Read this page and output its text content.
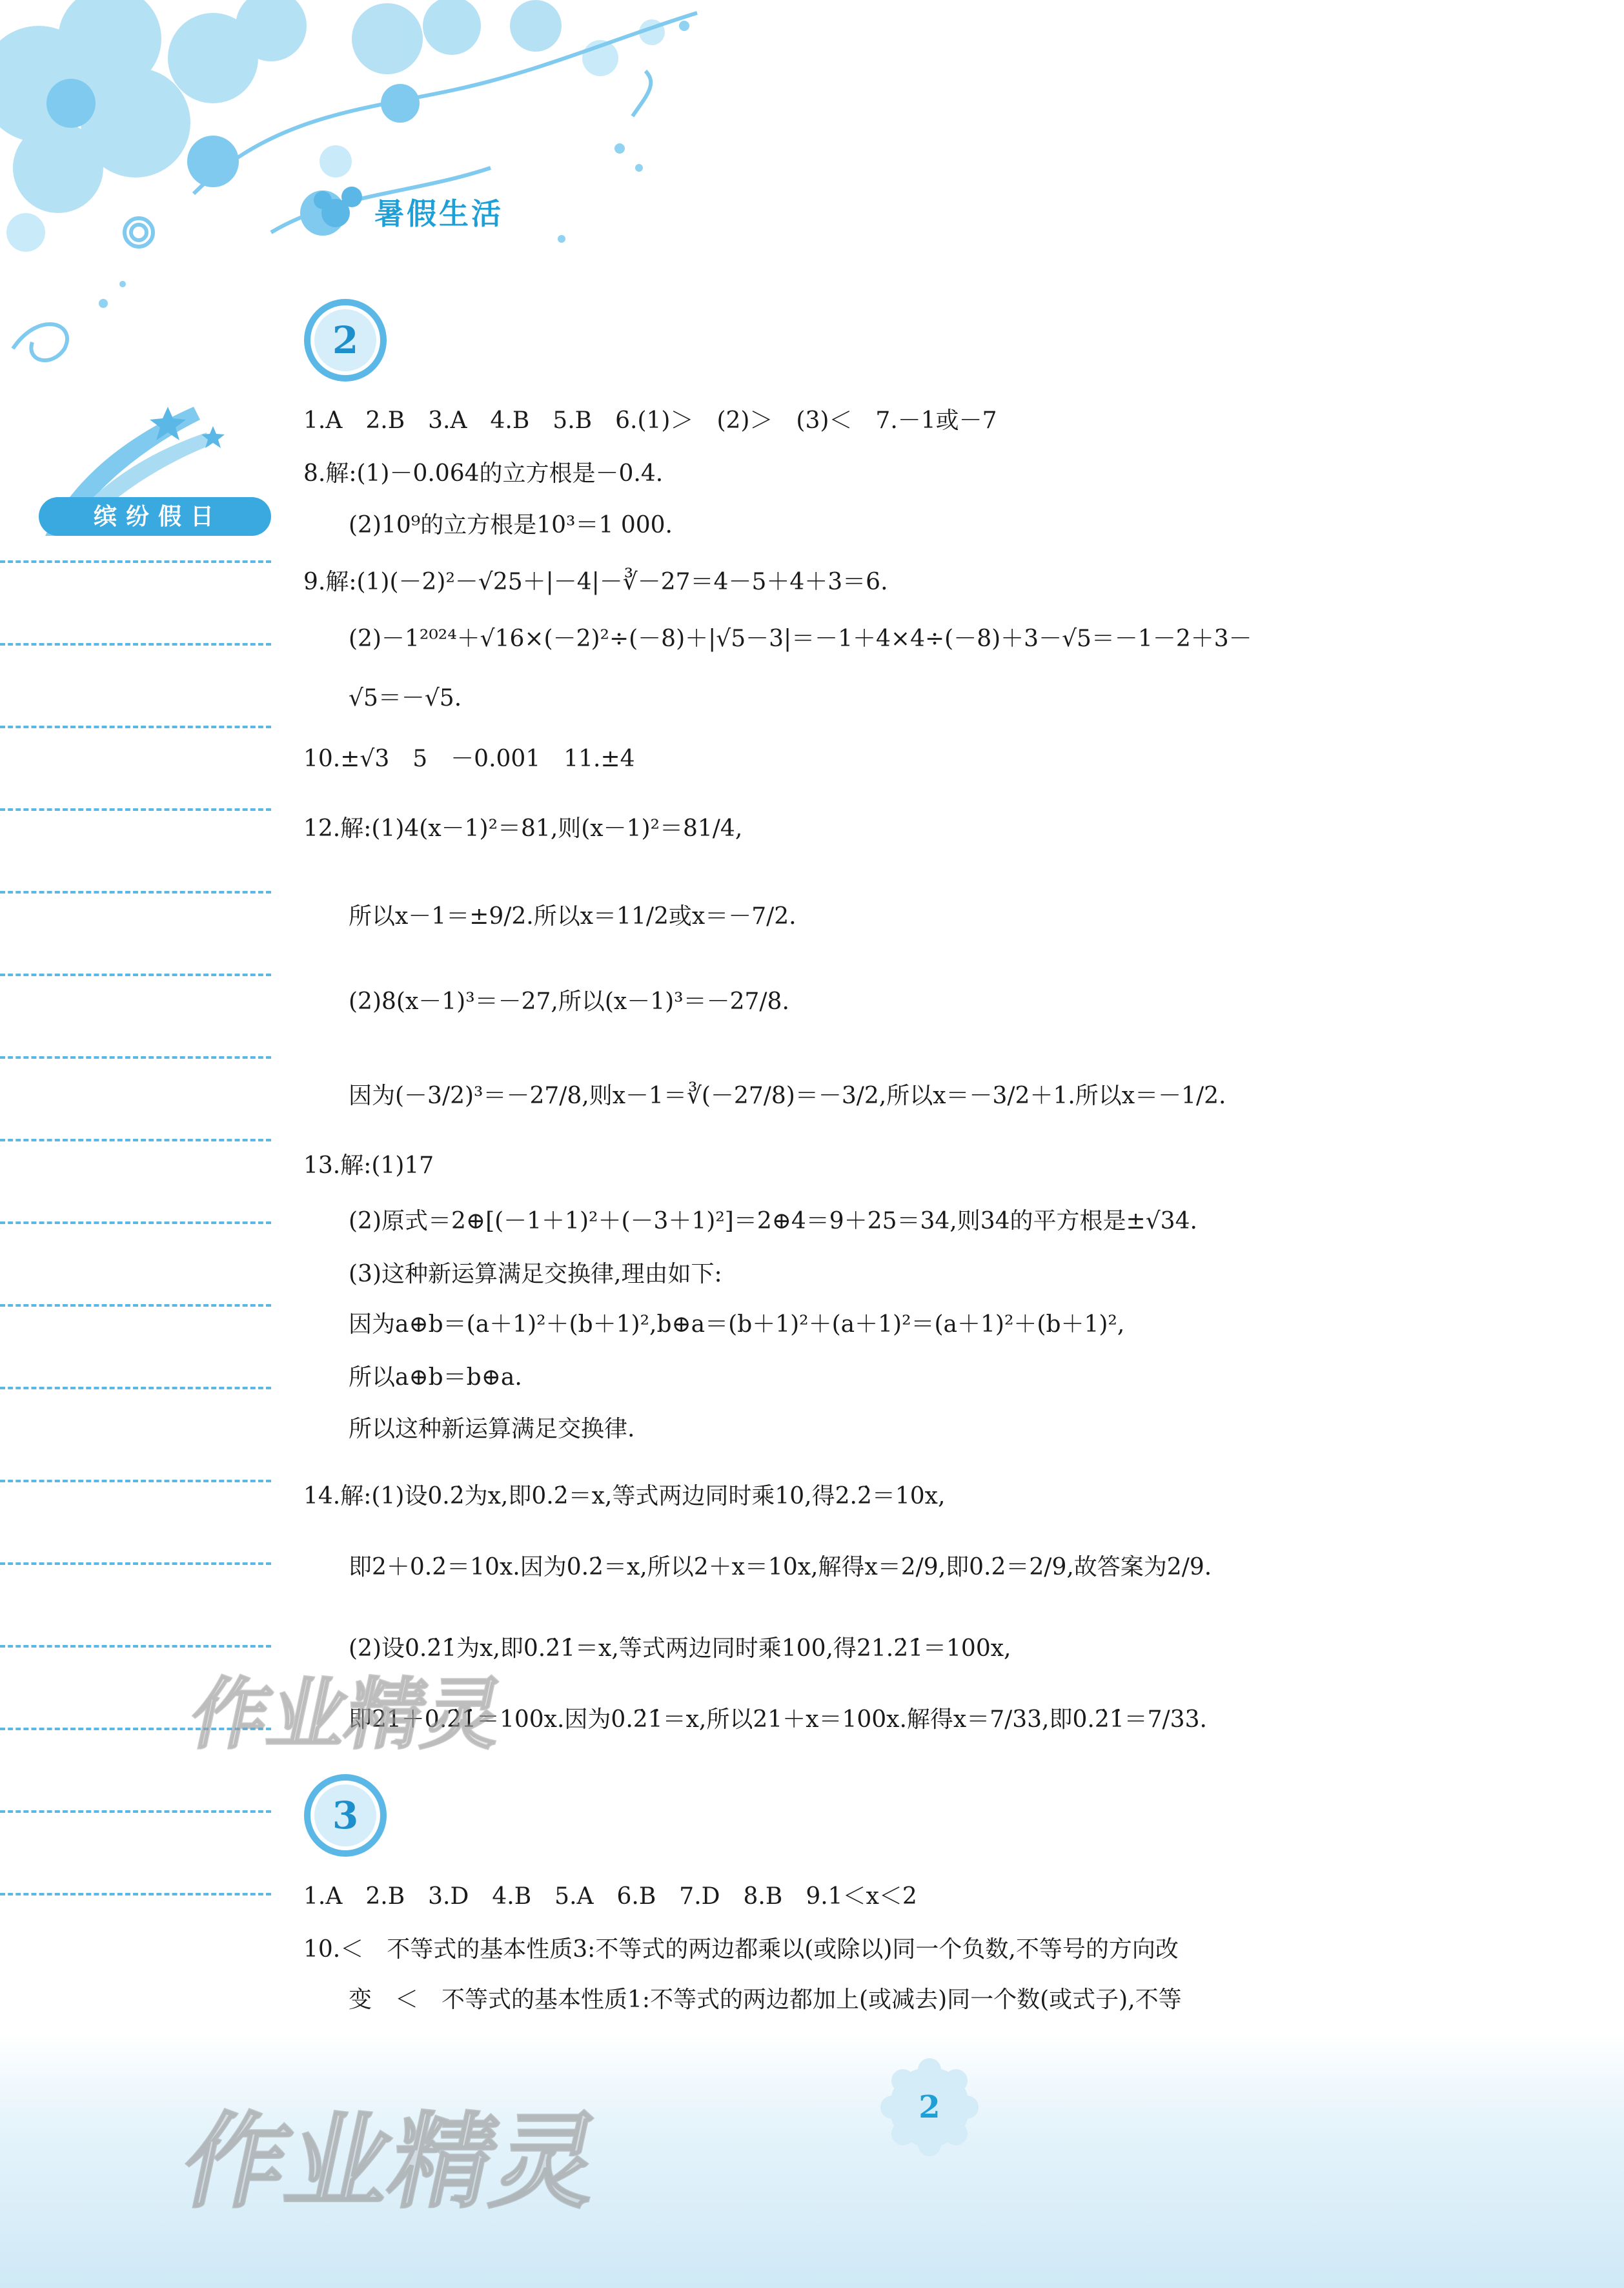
暑假生活
缤纷假日
2
1.A　2.B　3.A　4.B　5.B　6.(1)＞　(2)＞　(3)＜　7.－1或－7
8.解:(1)－0.064的立方根是－0.4.
(2)10⁹的立方根是10³＝1 000.
9.解:(1)(－2)²－√25＋|－4|－∛－27＝4－5＋4＋3＝6.
(2)－1²⁰²⁴＋√16×(－2)²÷(－8)＋|√5－3|＝－1＋4×4÷(－8)＋3－√5＝－1－2＋3－
√5＝－√5.
10.±√3　5　－0.001　11.±4
12.解:(1)4(x－1)²＝81,则(x－1)²＝81/4,
所以x－1＝±9/2.所以x＝11/2或x＝－7/2.
(2)8(x－1)³＝－27,所以(x－1)³＝－27/8.
因为(－3/2)³＝－27/8,则x－1＝∛(－27/8)＝－3/2,所以x＝－3/2＋1.所以x＝－1/2.
13.解:(1)17
(2)原式＝2⊕[(－1＋1)²＋(－3＋1)²]＝2⊕4＝9＋25＝34,则34的平方根是±√34.
(3)这种新运算满足交换律,理由如下:
因为a⊕b＝(a＋1)²＋(b＋1)²,b⊕a＝(b＋1)²＋(a＋1)²＝(a＋1)²＋(b＋1)²,
所以a⊕b＝b⊕a.
所以这种新运算满足交换律.
14.解:(1)设0.2̇为x,即0.2̇＝x,等式两边同时乘10,得2.2̇＝10x,
即2＋0.2̇＝10x.因为0.2̇＝x,所以2＋x＝10x,解得x＝2/9,即0.2̇＝2/9,故答案为2/9.
(2)设0.2̇1̇为x,即0.2̇1̇＝x,等式两边同时乘100,得21.2̇1̇＝100x,
即21＋0.2̇1̇＝100x.因为0.2̇1̇＝x,所以21＋x＝100x.解得x＝7/33,即0.2̇1̇＝7/33.
3
1.A　2.B　3.D　4.B　5.A　6.B　7.D　8.B　9.1＜x＜2
10.＜　不等式的基本性质3:不等式的两边都乘以(或除以)同一个负数,不等号的方向改
变　＜　不等式的基本性质1:不等式的两边都加上(或减去)同一个数(或式子),不等
作业精灵
作业精灵	2
